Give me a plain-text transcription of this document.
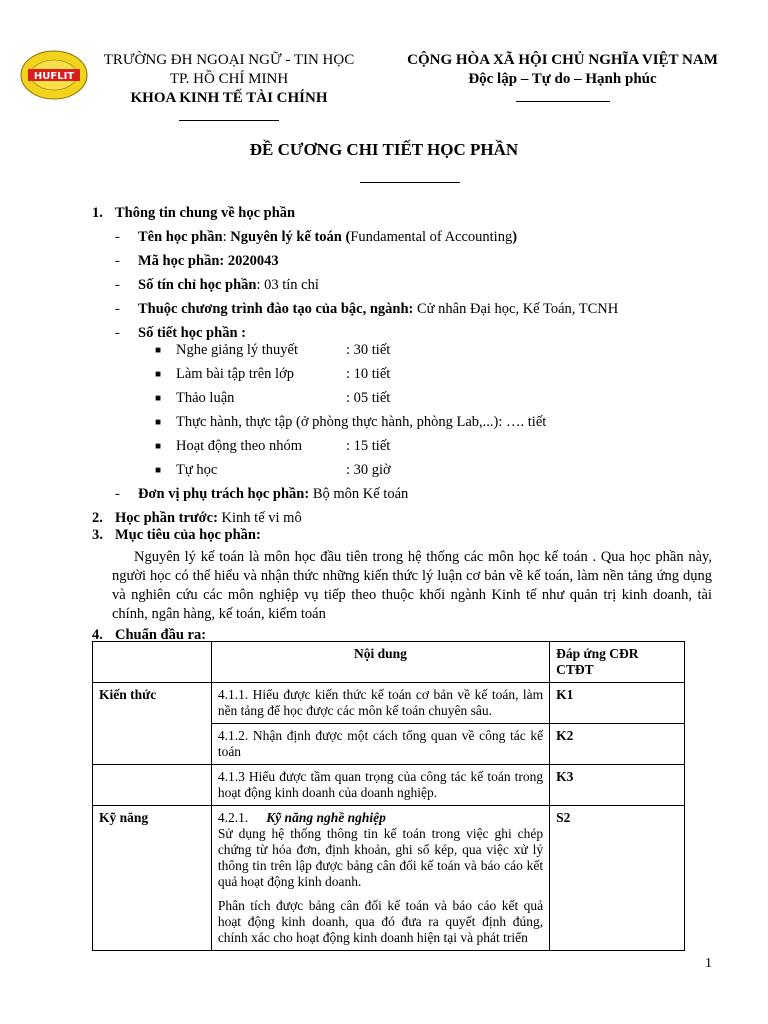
HUFLIT
TRƯỜNG ĐH NGOẠI NGỮ - TIN HỌC
TP. HỒ CHÍ MINH
KHOA KINH TẾ TÀI CHÍNH
CỘNG HÒA XÃ HỘI CHỦ NGHĨA VIỆT NAM
Độc lập – Tự do – Hạnh phúc
ĐỀ CƯƠNG CHI TIẾT HỌC PHẦN
1. Thông tin chung về học phần
- Tên học phần: Nguyên lý kế toán (Fundamental of Accounting)
- Mã học phần: 2020043
- Số tín chỉ học phần: 03 tín chỉ
- Thuộc chương trình đào tạo của bậc, ngành: Cử nhân Đại học, Kế Toán, TCNH
- Số tiết học phần :
■ Nghe giảng lý thuyết	: 30 tiết
■ Làm bài tập trên lớp	: 10 tiết
■ Thảo luận	: 05 tiết
■ Thực hành, thực tập (ở phòng thực hành, phòng Lab,...): …. tiết
■ Hoạt động theo nhóm	: 15 tiết
■ Tự học	: 30 giờ
- Đơn vị phụ trách học phần: Bộ môn Kế toán
2. Học phần trước: Kinh tế vi mô
3. Mục tiêu của học phần:
Nguyên lý kế toán là môn học đầu tiên trong hệ thống các môn học kế toán . Qua học phần này, người học có thể hiểu và nhận thức những kiến thức lý luận cơ bản về kế toán, làm nền tảng ứng dụng và nghiên cứu các môn nghiệp vụ tiếp theo thuộc khối ngành Kinh tế như quản trị kinh doanh, tài chính, ngân hàng, kế toán, kiểm toán
4. Chuẩn đầu ra:
	Nội dung	Đáp ứng CĐR CTĐT
Kiến thức	4.1.1. Hiểu được kiến thức kế toán cơ bản về kế toán, làm nền tảng để học được các môn kế toán chuyên sâu.	K1
	4.1.2. Nhận định được một cách tổng quan về công tác kế toán	K2
	4.1.3 Hiểu được tầm quan trọng của công tác kế toán trong hoạt động kinh doanh của doanh nghiệp.	K3
Kỹ năng	4.2.1. Kỹ năng nghề nghiệp
Sử dụng hệ thống thông tin kế toán trong việc ghi chép chứng từ hóa đơn, định khoản, ghi sổ kép, qua việc xử lý thông tin trên lập được bảng cân đối kế toán và báo cáo kết quả hoạt động kinh doanh.
Phân tích được bảng cân đối kế toán và báo cáo kết quả hoạt động kinh doanh, qua đó đưa ra quyết định đúng, chính xác cho hoạt động kinh doanh hiện tại và phát triển	S2
1
